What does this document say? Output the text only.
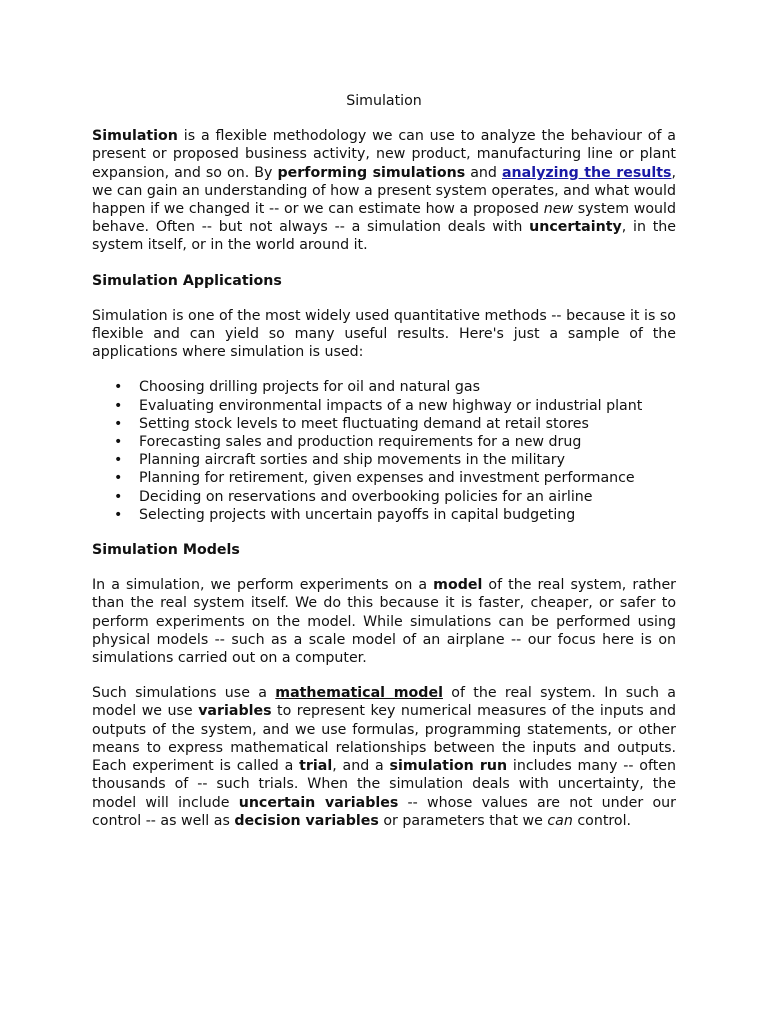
Simulation

Simulation is a flexible methodology we can use to analyze the behaviour of a present or proposed business activity, new product, manufacturing line or plant expansion, and so on. By performing simulations and analyzing the results, we can gain an understanding of how a present system operates, and what would happen if we changed it -- or we can estimate how a proposed new system would behave. Often -- but not always -- a simulation deals with uncertainty, in the system itself, or in the world around it.

Simulation Applications

Simulation is one of the most widely used quantitative methods -- because it is so flexible and can yield so many useful results. Here's just a sample of the applications where simulation is used:

• Choosing drilling projects for oil and natural gas
• Evaluating environmental impacts of a new highway or industrial plant
• Setting stock levels to meet fluctuating demand at retail stores
• Forecasting sales and production requirements for a new drug
• Planning aircraft sorties and ship movements in the military
• Planning for retirement, given expenses and investment performance
• Deciding on reservations and overbooking policies for an airline
• Selecting projects with uncertain payoffs in capital budgeting
Simulation Models

In a simulation, we perform experiments on a model of the real system, rather than the real system itself. We do this because it is faster, cheaper, or safer to perform experiments on the model. While simulations can be performed using physical models -- such as a scale model of an airplane -- our focus here is on simulations carried out on a computer.

Such simulations use a mathematical model of the real system. In such a model we use variables to represent key numerical measures of the inputs and outputs of the system, and we use formulas, programming statements, or other means to express mathematical relationships between the inputs and outputs. Each experiment is called a trial, and a simulation run includes many -- often thousands of -- such trials. When the simulation deals with uncertainty, the model will include uncertain variables -- whose values are not under our control -- as well as decision variables or parameters that we can control.
